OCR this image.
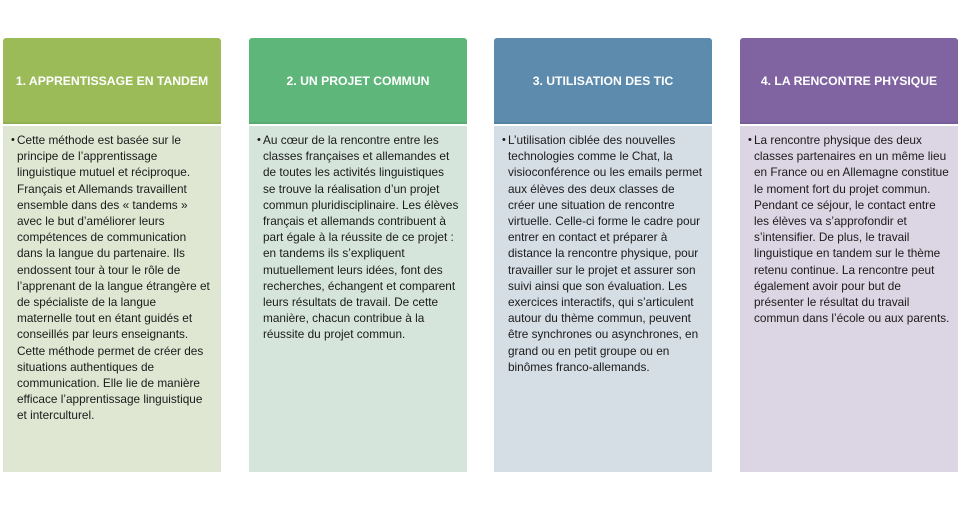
1. APPRENTISSAGE EN TANDEM
• Cette méthode est basée sur le principe de l’apprentissage linguistique mutuel et réciproque. Français et Allemands travaillent ensemble dans des « tandems » avec le but d’améliorer leurs compétences de communication dans la langue du partenaire. Ils endossent tour à tour le rôle de l’apprenant de la langue étrangère et de spécialiste de la langue maternelle tout en étant guidés et conseillés par leurs enseignants. Cette méthode permet de créer des situations authentiques de communication. Elle lie de manière efficace l’apprentissage linguistique et interculturel.
2. UN PROJET COMMUN
• Au cœur de la rencontre entre les classes françaises et allemandes et de toutes les activités linguistiques se trouve la réalisation d’un projet commun pluridisciplinaire. Les élèves français et allemands contribuent à part égale à la réussite de ce projet : en tandems ils s’expliquent mutuellement leurs idées, font des recherches, échangent et comparent leurs résultats de travail. De cette manière, chacun contribue à la réussite du projet commun.
3. UTILISATION DES TIC
• L’utilisation ciblée des nouvelles technologies comme le Chat, la visioconférence ou les emails permet aux élèves des deux classes de créer une situation de rencontre virtuelle. Celle-ci forme le cadre pour entrer en contact et préparer à distance la rencontre physique, pour travailler sur le projet et assurer son suivi ainsi que son évaluation. Les exercices interactifs, qui s’articulent autour du thème commun, peuvent être synchrones ou asynchrones, en grand ou en petit groupe ou en binômes franco-allemands.
4. LA RENCONTRE PHYSIQUE
• La rencontre physique des deux classes partenaires en un même lieu en France ou en Allemagne constitue le moment fort du projet commun. Pendant ce séjour, le contact entre les élèves va s’approfondir et s’intensifier. De plus, le travail linguistique en tandem sur le thème retenu continue. La rencontre peut également avoir pour but de présenter le résultat du travail commun dans l’école ou aux parents.
